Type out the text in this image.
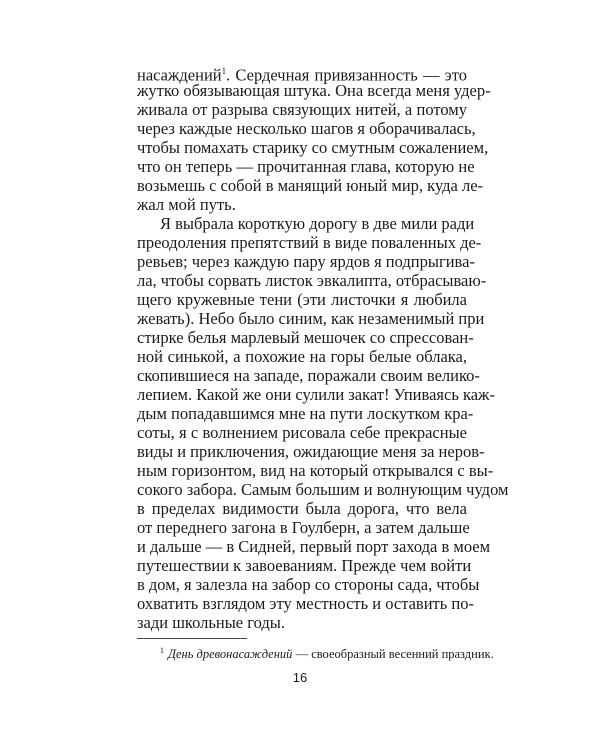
насаждений$^1$. Сердечная привязанность — это
жутко обязывающая штука. Она всегда меня удер-
живала от разрыва связующих нитей, а потому
через каждые несколько шагов я оборачивалась,
чтобы помахать старику со смутным сожалением,
что он теперь — прочитанная глава, которую не
возьмешь с собой в манящий юный мир, куда ле-
жал мой путь.
Я выбрала короткую дорогу в две мили ради
преодоления препятствий в виде поваленных де-
ревьев; через каждую пару ярдов я подпрыгива-
ла, чтобы сорвать листок эвкалипта, отбрасываю-
щего кружевные тени (эти листочки я любила
жевать). Небо было синим, как незаменимый при
стирке белья марлевый мешочек со спрессован-
ной синькой, а похожие на горы белые облака,
скопившиеся на западе, поражали своим велико-
лепием. Какой же они сулили закат! Упиваясь каж-
дым попадавшимся мне на пути лоскутком кра-
соты, я с волнением рисовала себе прекрасные
виды и приключения, ожидающие меня за неров-
ным горизонтом, вид на который открывался с вы-
сокого забора. Самым большим и волнующим чудом
в пределах видимости была дорога, что вела
от переднего загона в Гоулберн, а затем дальше
и дальше — в Сидней, первый порт захода в моем
путешествии к завоеваниям. Прежде чем войти
в дом, я залезла на забор со стороны сада, чтобы
охватить взглядом эту местность и оставить по-
зади школьные годы.
$^1$ День древонасаждений — своеобразный весенний праздник.
16
